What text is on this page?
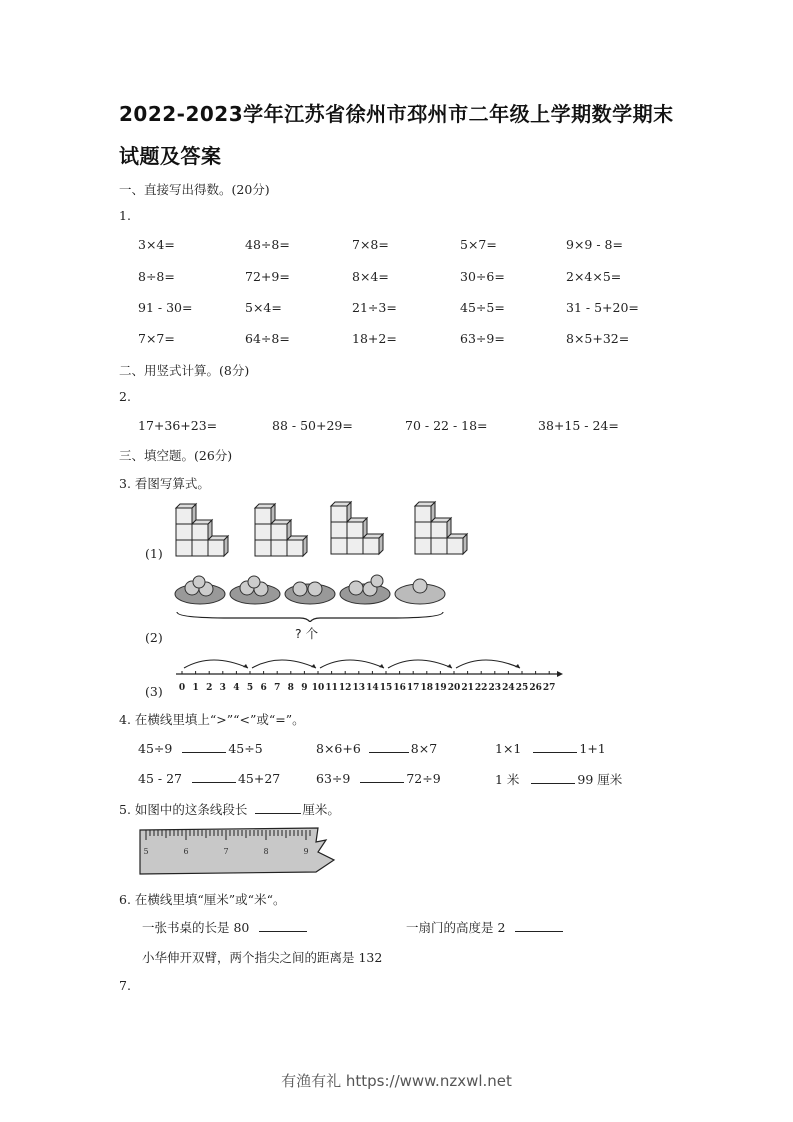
2022-2023学年江苏省徐州市邳州市二年级上学期数学期末
试题及答案
一、直接写出得数。(20分)
1.
3×4=	48÷8=	7×8=	5×7=	9×9 - 8=
8÷8=	72+9=	8×4=	30÷6=	2×4×5=
91 - 30=	5×4=	21÷3=	45÷5=	31 - 5+20=
7×7=	64÷8=	18+2=	63÷9=	8×5+32=
二、用竖式计算。(8分)
2.
17+36+23=	88 - 50+29=	70 - 22 - 18=	38+15 - 24=
三、填空题。(26分)
3. 看图写算式。
(1)
(2)	? 个
(3) 0 1 2 3 4 5 6 7 8 9 10 11 12 13 14 15 16 17 18 19 20 21 22 23 24 25 26 27
4. 在横线里填上“>”“<”或“=”。
45÷9	45÷5	8×6+6	8×7	1×1	1+1
45 - 27	45+27	63÷9	72÷9	1 米	99 厘米
5. 如图中的这条线段长	厘米。
5	6	7	8	9
6. 在横线里填“厘米”或“米“。
一张书桌的长是 80	一扇门的高度是 2
小华伸开双臂，两个指尖之间的距离是 132
7.
有渔有礼 https://www.nzxwl.net
